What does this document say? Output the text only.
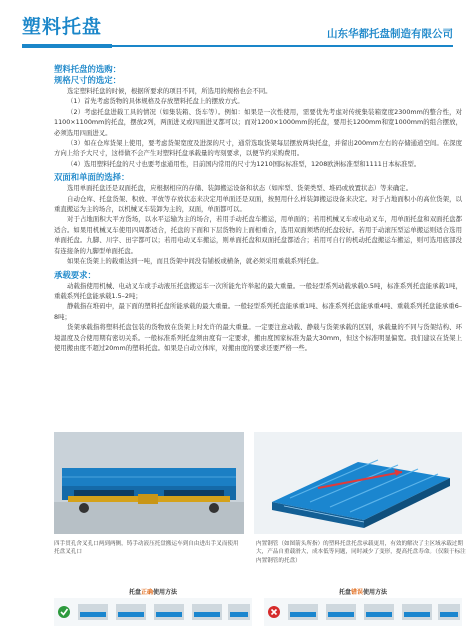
塑料托盘	山东华都托盘制造有限公司
塑料托盘的选购：
规格尺寸的选定：

选定塑料托盘的时候，根据所要求的项目不同，所选用的规格也会不同。

（1）首先考虑货物的具体规格及存放塑料托盘上的摆放方式。

（2）考虑托盘进载工具的情况（如集装箱、货车等）。例如：如果是一次性使用，需要优先考虑对传统集装箱宽度2300mm的整合性，对1100×1100mm的托盘，摆放2列，两面进叉或四面进叉都可以；而对1200×1000mm的托盘，要用长1200mm和宽1000mm的组合摆放，必须选用四面进叉。

（3）如在仓库货架上使用，要考虑货架宽度及进深的尺寸，通常选取货架每层摆放两块托盘，并留出200mm左右的存储通道空间。在深度方向上给予大尺寸，这样做不会产生对塑料托盘承载量的弯刻要求，以便节约采购费用。

（4）选用塑料托盘的尺寸也要考虑通用性，目前国内常用的尺寸为1210国际标准型，1208欧洲标准型和1111日本标准型。

双面和单面的选择：

选用单面托盘还是双面托盘，应根据相应的存储、装卸搬运设备和状态（如库型、货架类型、堆码或放置状态）等来确定。

自动仓库、托盘货架、积放、平放等存放状态来决定用单面还是双面，按照用什么样装卸搬运设备来决定。对于占地面积小的高位货架，以重直搬运为主的场合，以机械叉车装卸为主的，双面，单面都可以。

对于占地面积大平方货场，以水平运输为主的场合，若用手动托盘车搬运，用单面的；若用机械叉车或电动叉车，用单面托盘和双面托盘都适合。如果用机械叉车使用四周都适合，托盘的下面和下层货物的上面相重合，选用双面须塔的托盘较好。若用于动滚压型运单搬运则适合选用单面托盘。九脚、川字、田字都可以；若用电动叉车搬运，则单面托盘和双面托盘都适合；若用可自行的机动托盘搬运车搬运，则可选用底部没有连接条的九脚型单面托盘。

如果在货架上的载重达到一吨，而且货架中间没有铺板或横条，就必须采用重载系列托盘。

承载要求：

动载指使用机械、电动叉车或手动液压托盘搬运车一次所能允许举起的最大重量。一般轻型系列动载承载0.5吨，标准系列托盘能承载1吨，重载系列托盘能承载1.5–2吨；

静载指在堆码中，最下面的塑料托盘所能承载的最大重量。一般轻型系列托盘能承重1吨、标准系列托盘能承重4吨、重载系列托盘能承重6–8吨；

货架承载指将塑料托盘包装的货物放在货架上时允许的最大重量。一定要注意动载、静载与货架承载的区别，承载量的不同与货架结构、环境温度及合使用期有密切关系。一般标准系列托盘须由度有一定要求，搬由度国家标准为最大30mm，但这个标准明显偏宽。我们建议在货架上使用搬由度不超过20mm的塑料托盘。如果是自动立体库，对搬由度的要求还要严格一些。

四手贯孔舍叉孔口两到两侧，铸手动液压托盘搬运车到自由进出手叉而使用托盘叉孔口
内置钢管（如图箭头所指）的塑料托盘托盘承载更用，有效的解决了主区域承载过期大，产品自重载滑大，成本低等问题，同时减少了变形，提高托盘寿命。（仅限于标注内置钢管的托盘）
托盘正确使用方法	托盘错误使用方法
